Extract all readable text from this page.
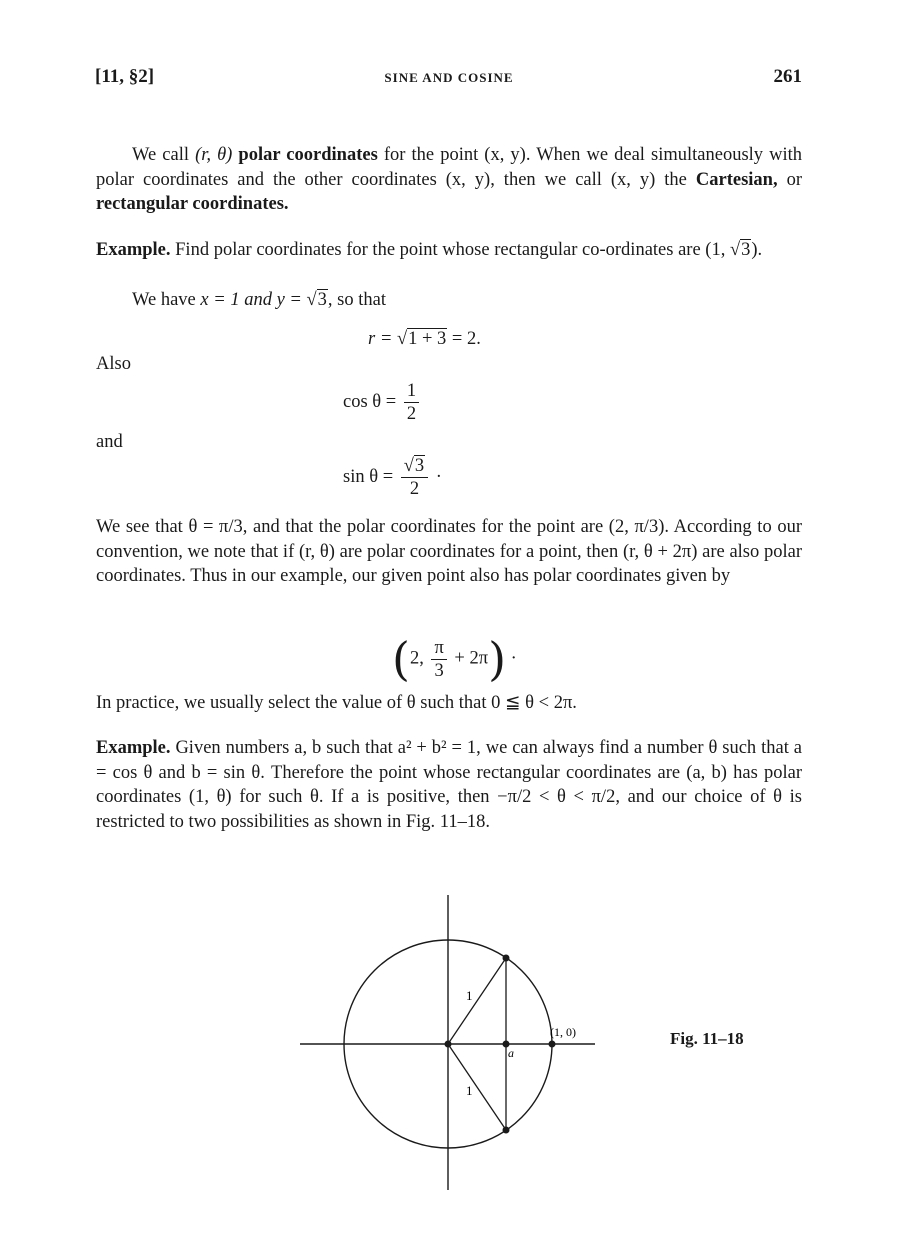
[11, §2]	SINE AND COSINE	261
We call (r, θ) polar coordinates for the point (x, y). When we deal simultaneously with polar coordinates and the other coordinates (x, y), then we call (x, y) the Cartesian, or rectangular coordinates.
Example. Find polar coordinates for the point whose rectangular co-ordinates are (1, √3).
We have x = 1 and y = √3, so that
r = √1 + 3 = 2.
Also
$\cos \theta = \frac{1}{2}$
and
$\sin \theta = \frac{√3}{2}$ ·
We see that θ = π/3, and that the polar coordinates for the point are (2, π/3). According to our convention, we note that if (r, θ) are polar coordinates for a point, then (r, θ + 2π) are also polar coordinates. Thus in our example, our given point also has polar coordinates given by
(2, $\frac{\pi}{3} + 2\pi$) ·
In practice, we usually select the value of θ such that 0 ≦ θ < 2π.
Example. Given numbers a, b such that a² + b² = 1, we can always find a number θ such that a = cos θ and b = sin θ. Therefore the point whose rectangular coordinates are (a, b) has polar coordinates (1, θ) for such θ. If a is positive, then −π/2 < θ < π/2, and our choice of θ is restricted to two possibilities as shown in Fig. 11–18.
1
1
a
(1, 0)	Fig. 11–18
